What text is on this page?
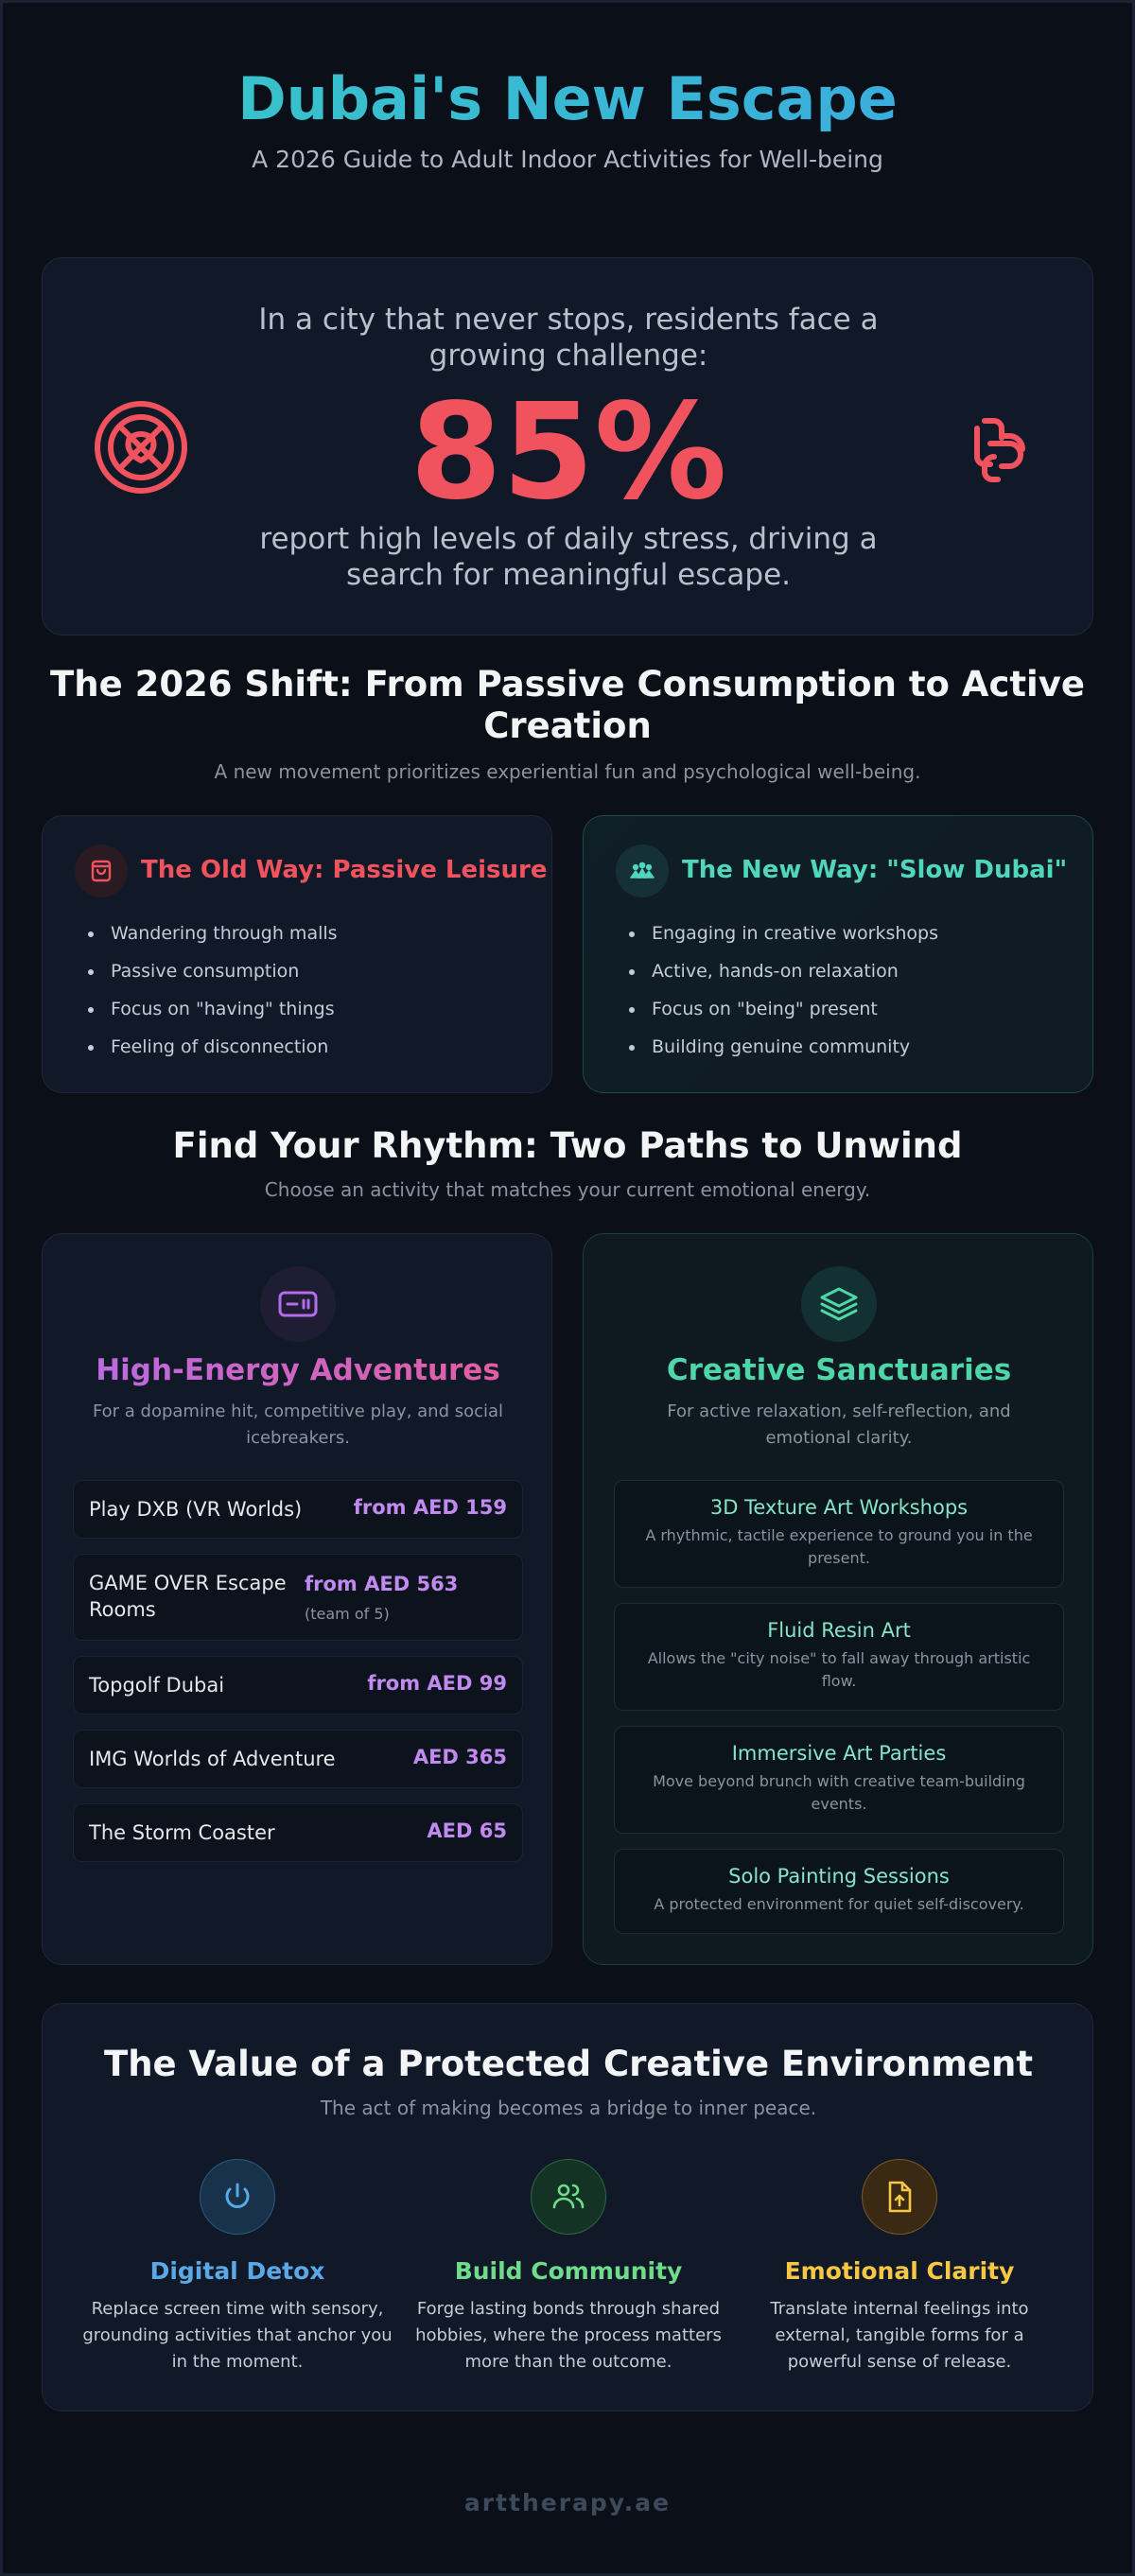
Dubai's New Escape
A 2026 Guide to Adult Indoor Activities for Well-being
In a city that never stops, residents face a growing challenge:
85%
report high levels of daily stress, driving a search for meaningful escape.
The 2026 Shift: From Passive Consumption to Active Creation
A new movement prioritizes experiential fun and psychological well-being.
The Old Way: Passive Leisure
Wandering through malls
Passive consumption
Focus on "having" things
Feeling of disconnection
The New Way: "Slow Dubai"
Engaging in creative workshops
Active, hands-on relaxation
Focus on "being" present
Building genuine community
Find Your Rhythm: Two Paths to Unwind
Choose an activity that matches your current emotional energy.
High-Energy Adventures
For a dopamine hit, competitive play, and social icebreakers.
Play DXB (VR Worlds)	from AED 159
GAME OVER Escape Rooms
from AED 563 (team of 5)
Topgolf Dubai	from AED 99
IMG Worlds of Adventure	AED 365
The Storm Coaster	AED 65
Creative Sanctuaries
For active relaxation, self-reflection, and emotional clarity.
3D Texture Art Workshops
A rhythmic, tactile experience to ground you in the present.
Fluid Resin Art
Allows the "city noise" to fall away through artistic flow.
Immersive Art Parties
Move beyond brunch with creative team-building events.
Solo Painting Sessions
A protected environment for quiet self-discovery.
The Value of a Protected Creative Environment
The act of making becomes a bridge to inner peace.
Digital Detox
Replace screen time with sensory, grounding activities that anchor you in the moment.
Build Community
Forge lasting bonds through shared hobbies, where the process matters more than the outcome.
Emotional Clarity
Translate internal feelings into external, tangible forms for a powerful sense of release.
arttherapy.ae
